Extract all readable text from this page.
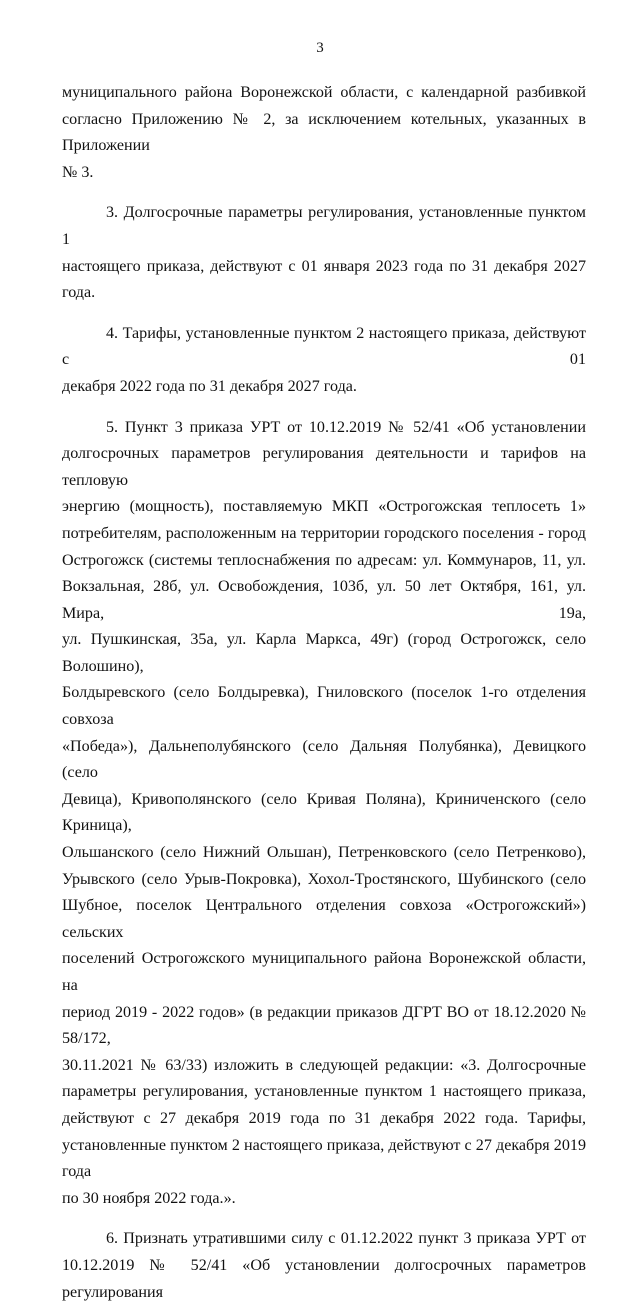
3

муниципального района Воронежской области, с календарной разбивкой

согласно Приложению № 2, за исключением котельных, указанных в Приложении

№ 3.

3. Долгосрочные параметры регулирования, установленные пунктом 1

настоящего приказа, действуют с 01 января 2023 года по 31 декабря 2027 года.

4. Тарифы, установленные пунктом 2 настоящего приказа, действуют с 01

декабря 2022 года по 31 декабря 2027 года.

5. Пункт 3 приказа УРТ от 10.12.2019 № 52/41 «Об установлении

долгосрочных параметров регулирования деятельности и тарифов на тепловую

энергию (мощность), поставляемую МКП «Острогожская теплосеть 1»

потребителям, расположенным на территории городского поселения - город

Острогожск (системы теплоснабжения по адресам: ул. Коммунаров, 11, ул.

Вокзальная, 28б, ул. Освобождения, 103б, ул. 50 лет Октября, 161, ул. Мира, 19а,

ул. Пушкинская, 35а, ул. Карла Маркса, 49г) (город Острогожск, село Волошино),

Болдыревского (село Болдыревка), Гниловского (поселок 1-го отделения совхоза

«Победа»), Дальнеполубянского (село Дальняя Полубянка), Девицкого (село

Девица), Кривополянского (село Кривая Поляна), Криниченского (село Криница),

Ольшанского (село Нижний Ольшан), Петренковского (село Петренково),

Урывского (село Урыв-Покровка), Хохол-Тростянского, Шубинского (село

Шубное, поселок Центрального отделения совхоза «Острогожский») сельских

поселений Острогожского муниципального района Воронежской области, на

период 2019 - 2022 годов» (в редакции приказов ДГРТ ВО от 18.12.2020 № 58/172,

30.11.2021 № 63/33) изложить в следующей редакции: «3. Долгосрочные

параметры регулирования, установленные пунктом 1 настоящего приказа,

действуют с 27 декабря 2019 года по 31 декабря 2022 года. Тарифы,

установленные пунктом 2 настоящего приказа, действуют с 27 декабря 2019 года

по 30 ноября 2022 года.».

6. Признать утратившими силу с 01.12.2022 пункт 3 приказа УРТ от

10.12.2019 № 52/41 «Об установлении долгосрочных параметров регулирования
